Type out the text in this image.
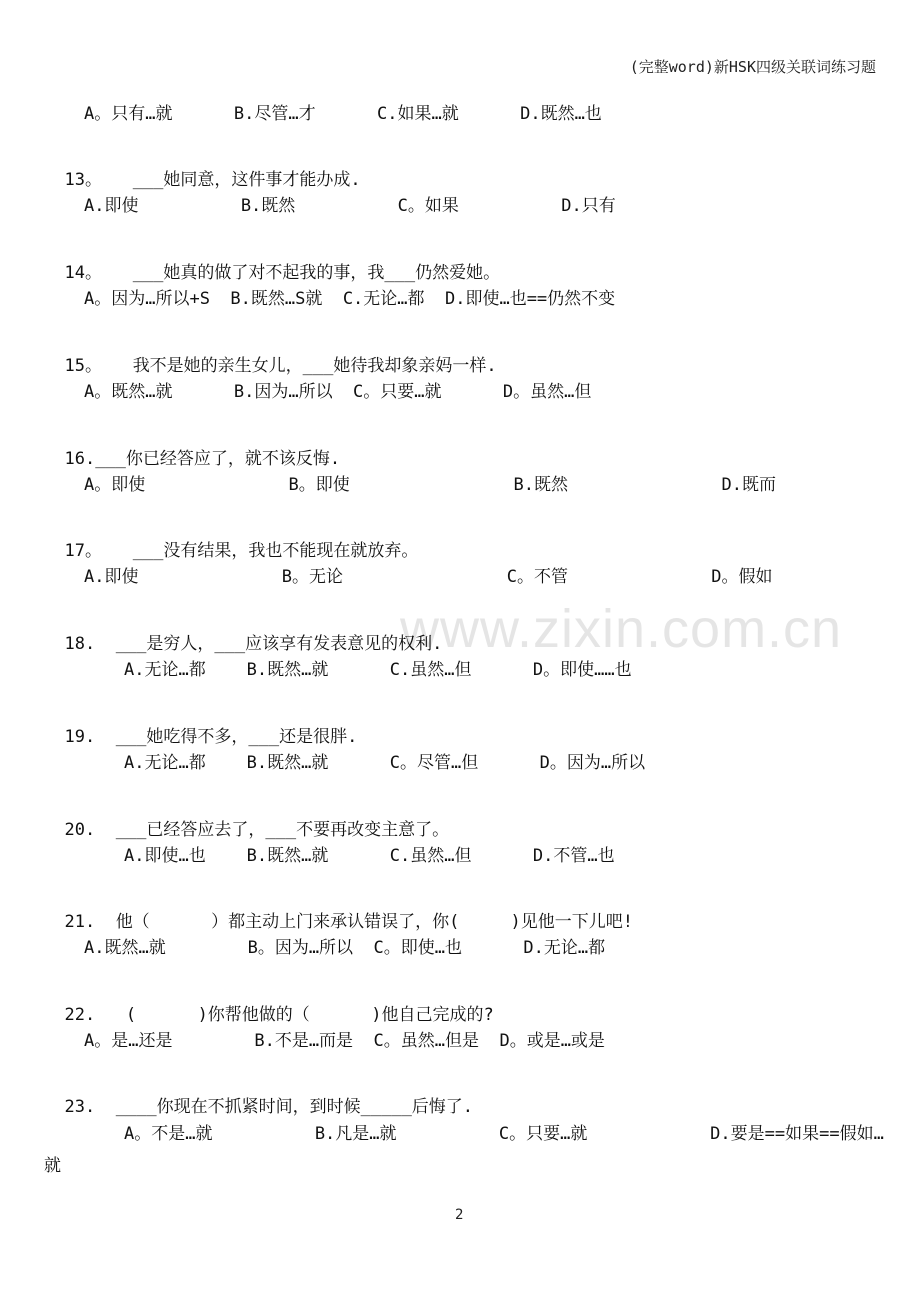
(完整word)新HSK四级关联词练习题
www.zixin.com.cn
A。只有…就      B.尽管…才      C.如果…就      D.既然…也

13。 ___她同意，这件事才能办成.

A.即使          B.既然          C。如果          D.只有

14。 ___她真的做了对不起我的事，我___仍然爱她。

A。因为…所以+S  B.既然…S就  C.无论…都  D.即使…也==仍然不变

15。 我不是她的亲生女儿，___她待我却象亲妈一样.

A。既然…就      B.因为…所以  C。只要…就      D。虽然…但

16.___你已经答应了，就不该反悔.

A。即使              B。即使                B.既然               D.既而

17。 ___没有结果，我也不能现在就放弃。

A.即使              B。无论                C。不管              D。假如

18. ___是穷人，___应该享有发表意见的权利.

A.无论…都    B.既然…就      C.虽然…但      D。即使……也

19. ___她吃得不多，___还是很胖.

A.无论…都    B.既然…就      C。尽管…但      D。因为…所以

20. ___已经答应去了，___不要再改变主意了。

A.即使…也    B.既然…就      C.虽然…但      D.不管…也

21. 他（      ）都主动上门来承认错误了，你(     )见他一下儿吧!

A.既然…就        B。因为…所以  C。即使…也      D.无论…都

22. (      )你帮他做的（      )他自己完成的?

A。是…还是        B.不是…而是  C。虽然…但是  D。或是…或是

23. ____你现在不抓紧时间，到时候_____后悔了.

A。不是…就          B.凡是…就          C。只要…就            D.要是==如果==假如…
就
2
